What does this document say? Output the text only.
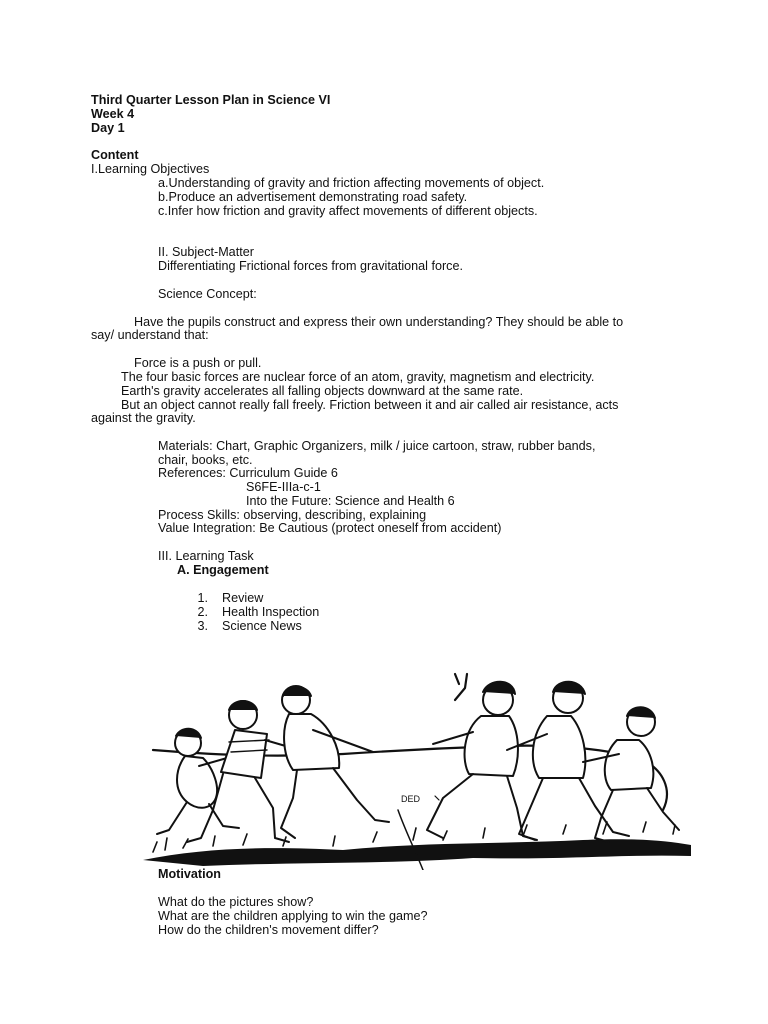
Third Quarter Lesson Plan in Science VI
Week 4
Day 1
Content
I.Learning Objectives
a.Understanding of gravity and friction affecting movements of object.
b.Produce an advertisement demonstrating road safety.
c.Infer how friction and gravity affect movements of different objects.
II. Subject-Matter
Differentiating Frictional forces from gravitational force.
Science Concept:
Have the pupils construct and express their own understanding? They should be able to
say/ understand that:
Force is a push or pull.
The four basic forces are nuclear force of an atom, gravity, magnetism and electricity.
Earth's gravity accelerates all falling objects downward at the same rate.
But an object cannot really fall freely. Friction between it and air called air resistance, acts
against the gravity.
Materials: Chart, Graphic Organizers, milk / juice cartoon, straw, rubber bands,
chair, books, etc.
References: Curriculum Guide 6
S6FE-IIIa-c-1
Into the Future: Science and Health 6
Process Skills: observing, describing, explaining
Value Integration: Be Cautious (protect oneself from accident)
III. Learning Task
A. Engagement
1. Review
2. Health Inspection
3. Science News
DED
Motivation
What do the pictures show?
What are the children applying to win the game?
How do the children's movement differ?
